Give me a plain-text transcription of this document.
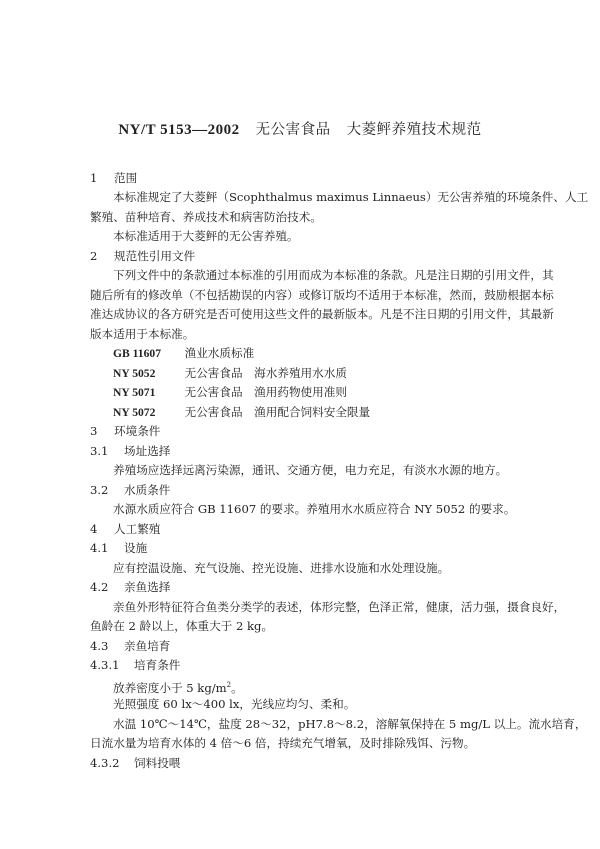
NY/T 5153—2002 无公害食品 大菱鲆养殖技术规范
1 范围
本标准规定了大菱鲆（Scophthalmus maximus Linnaeus）无公害养殖的环境条件、人工
繁殖、苗种培育、养成技术和病害防治技术。
本标准适用于大菱鲆的无公害养殖。
2 规范性引用文件
下列文件中的条款通过本标准的引用而成为本标准的条款。凡是注日期的引用文件，其
随后所有的修改单（不包括勘误的内容）或修订版均不适用于本标准，然而，鼓励根据本标
准达成协议的各方研究是否可使用这些文件的最新版本。凡是不注日期的引用文件，其最新
版本适用于本标准。
GB 11607　 渔业水质标准
NY 5052　	无公害食品　海水养殖用水水质
NY 5071　	无公害食品　渔用药物使用准则
NY 5072　	无公害食品　渔用配合饲料安全限量
3 环境条件
3.1 场址选择
养殖场应选择远离污染源，通讯、交通方便，电力充足，有淡水水源的地方。
3.2 水质条件
水源水质应符合 GB 11607 的要求。养殖用水水质应符合 NY 5052 的要求。
4 人工繁殖
4.1 设施
应有控温设施、充气设施、控光设施、进排水设施和水处理设施。
4.2 亲鱼选择
亲鱼外形特征符合鱼类分类学的表述，体形完整，色泽正常，健康，活力强，摄食良好，
鱼龄在 2 龄以上，体重大于 2 kg。
4.3 亲鱼培育
4.3.1 培育条件
放养密度小于 5 $kg/m^2$。
光照强度 60 lx～400 lx，光线应均匀、柔和。
水温 10℃～14℃，盐度 28～32，pH7.8～8.2，溶解氧保持在 5 mg/L 以上。流水培育，
日流水量为培育水体的 4 倍～6 倍，持续充气增氧，及时排除残饵、污物。
4.3.2 饲料投喂
